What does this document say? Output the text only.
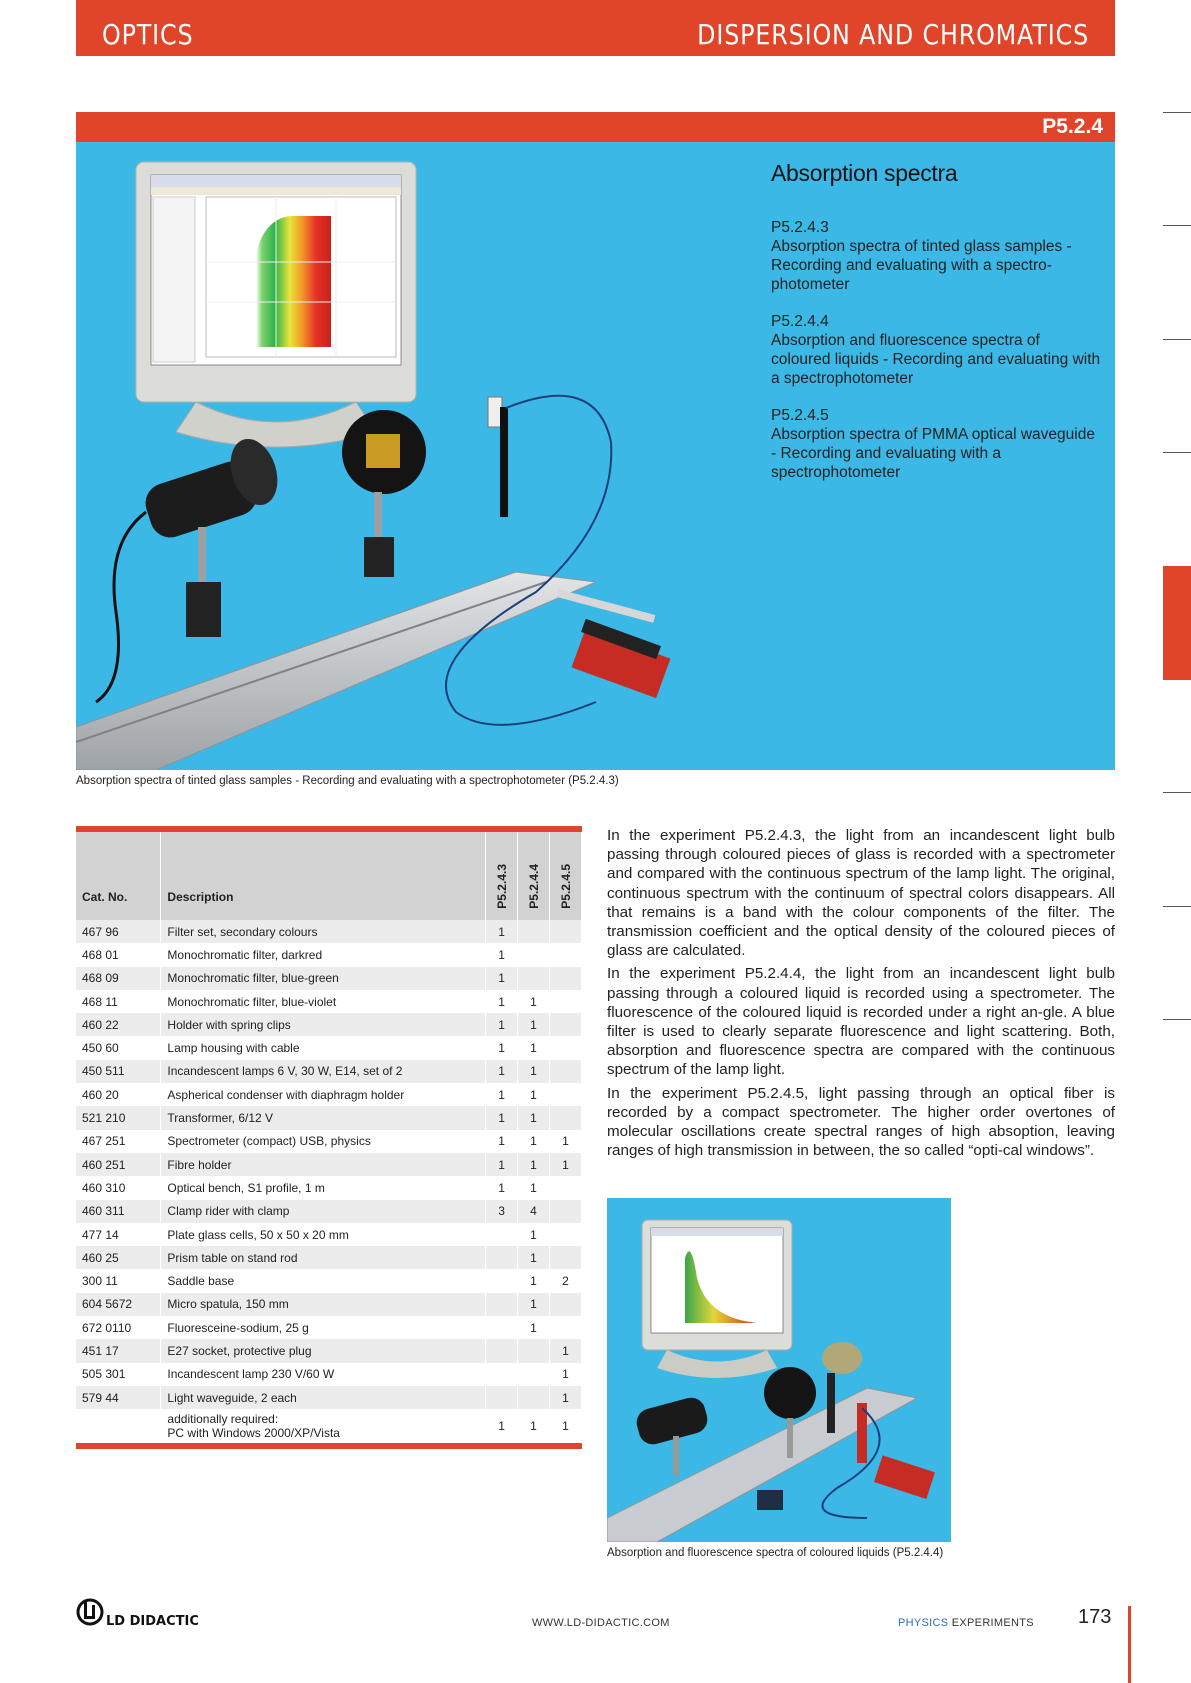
OPTICS	DISPERSION AND CHROMATICS
P5.2.4
Absorption spectra
P5.2.4.3
Absorption spectra of tinted glass samples - Recording and evaluating with a spectro-photometer
P5.2.4.4
Absorption and fluorescence spectra of coloured liquids - Recording and evaluating with a spectrophotometer
P5.2.4.5
Absorption spectra of PMMA optical waveguide - Recording and evaluating with a spectrophotometer
Absorption spectra of tinted glass samples - Recording and evaluating with a spectrophotometer (P5.2.4.3)
Cat. No.	Description	P5.2.4.3	P5.2.4.4	P5.2.4.5
467 96	Filter set, secondary colours	1		
468 01	Monochromatic filter, darkred	1		
468 09	Monochromatic filter, blue-green	1		
468 11	Monochromatic filter, blue-violet	1	1	
460 22	Holder with spring clips	1	1	
450 60	Lamp housing with cable	1	1	
450 511	Incandescent lamps 6 V, 30 W, E14, set of 2	1	1	
460 20	Aspherical condenser with diaphragm holder	1	1	
521 210	Transformer, 6/12 V	1	1	
467 251	Spectrometer (compact) USB, physics	1	1	1
460 251	Fibre holder	1	1	1
460 310	Optical bench, S1 profile, 1 m	1	1	
460 311	Clamp rider with clamp	3	4	
477 14	Plate glass cells, 50 x 50 x 20 mm		1	
460 25	Prism table on stand rod		1	
300 11	Saddle base		1	2
604 5672	Micro spatula, 150 mm		1	
672 0110	Fluoresceine-sodium, 25 g		1	
451 17	E27 socket, protective plug			1
505 301	Incandescent lamp 230 V/60 W			1
579 44	Light waveguide, 2 each			1

	additionally required:
PC with Windows 2000/XP/Vista	1	1	1

In the experiment P5.2.4.3, the light from an incandescent light bulb passing through coloured pieces of glass is recorded with a spectrometer and compared with the continuous spectrum of the lamp light. The original, continuous spectrum with the continuum of spectral colors disappears. All that remains is a band with the colour components of the filter. The transmission coefficient and the optical density of the coloured pieces of glass are calculated.

In the experiment P5.2.4.4, the light from an incandescent light bulb passing through a coloured liquid is recorded using a spectrometer. The fluorescence of the coloured liquid is recorded under a right an-gle. A blue filter is used to clearly separate fluorescence and light scattering. Both, absorption and fluorescence spectra are compared with the continuous spectrum of the lamp light.

In the experiment P5.2.4.5, light passing through an optical fiber is recorded by a compact spectrometer. The higher order overtones of molecular oscillations create spectral ranges of high absoption, leaving ranges of high transmission in between, the so called “opti-cal windows”.

Absorption and fluorescence spectra of coloured liquids (P5.2.4.4)
LD DIDACTIC	WWW.LD-DIDACTIC.COM	PHYSICS EXPERIMENTS 173
